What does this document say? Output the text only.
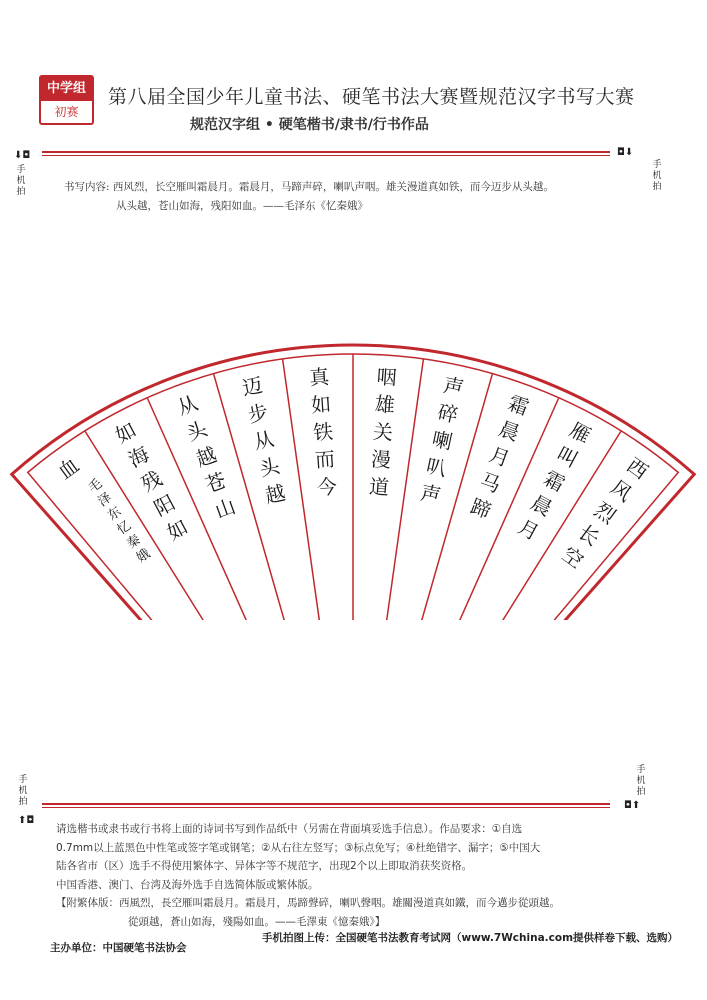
中学组
初赛
第八届全国少年儿童书法、硬笔书法大赛暨规范汉字书写大赛
规范汉字组 • 硬笔楷书/隶书/行书作品
⬇◘
手机拍
◘⬇
手机拍
书写内容: 西风烈，长空雁叫霜晨月。霜晨月，马蹄声碎，喇叭声咽。雄关漫道真如铁，而今迈步从头越。
从头越，苍山如海，残阳如血。——毛泽东《忆秦娥》
西
风
烈
长
空
雁
叫
霜
晨
月
霜
晨
月
马
蹄
声
碎
喇
叭
声
咽
雄
关
漫
道
真
如
铁
而
今
迈
步
从
头
越
从
头
越
苍
山
如
海
残
阳
如
血
毛
泽
东
忆
秦
娥
手机拍
⬆◘
手机拍
◘⬆
请选楷书或隶书或行书将上面的诗词书写到作品纸中（另需在背面填妥选手信息）。作品要求：①自选
0.7mm以上蓝黑色中性笔或签字笔或钢笔；②从右往左竖写；③标点免写；④杜绝错字、漏字；⑤中国大
陆各省市（区）选手不得使用繁体字、异体字等不规范字，出现2个以上即取消获奖资格。
中国香港、澳门、台湾及海外选手自选简体版或繁体版。
【附繁体版：西風烈，長空雁叫霜晨月。霜晨月，馬蹄聲碎，喇叭聲咽。雄關漫道真如鐵，而今邁步從頭越。
從頭越，蒼山如海，殘陽如血。——毛澤東《憶秦娥》】
主办单位：中国硬笔书法协会
手机拍图上传：全国硬笔书法教育考试网（www.7Wchina.com提供样卷下载、选购）
